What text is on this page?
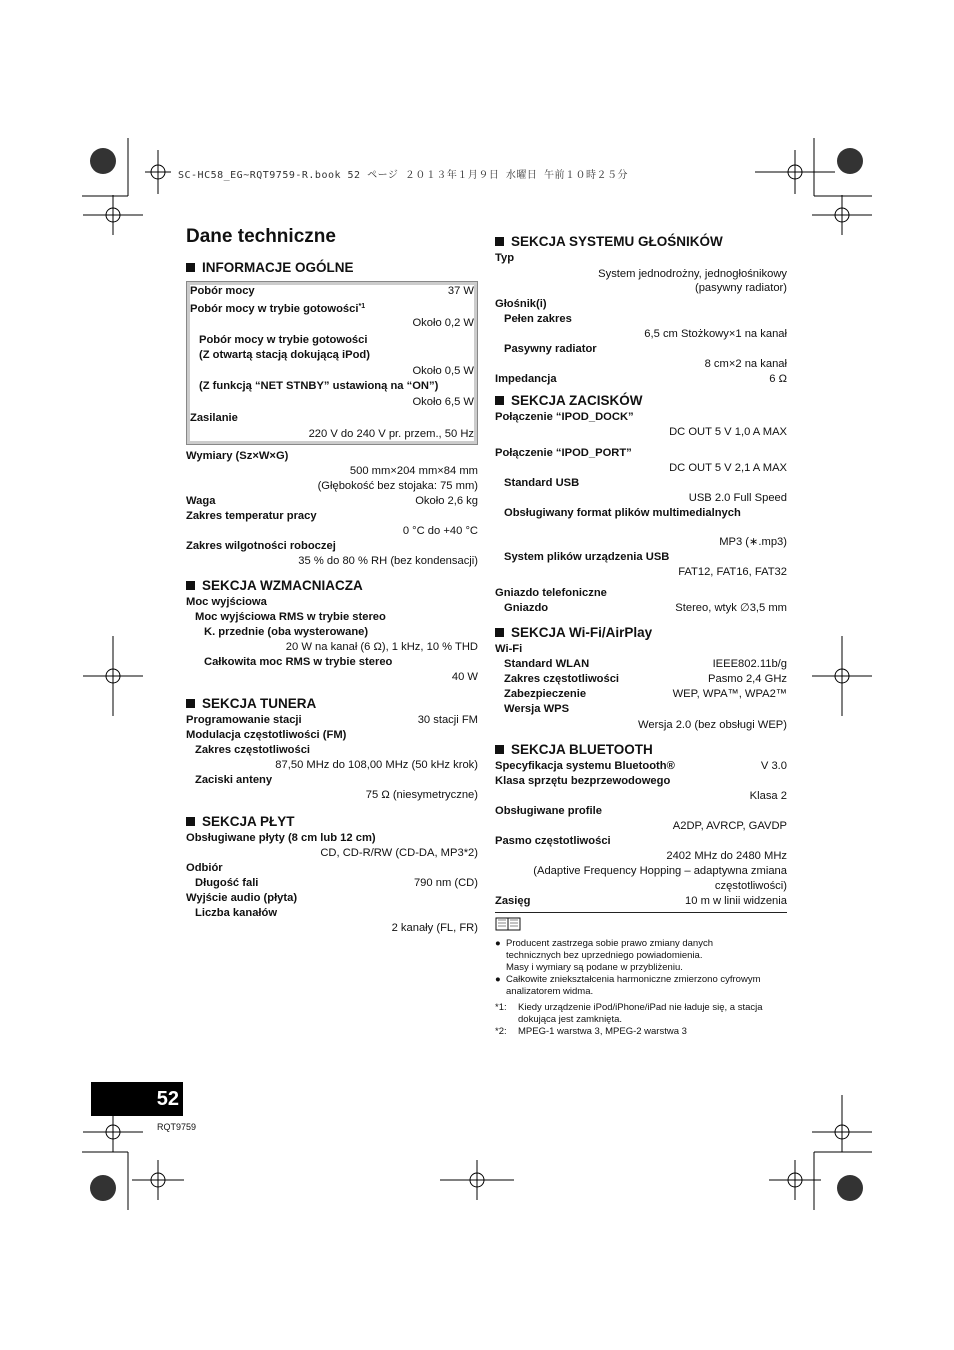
SC-HC58_EG~RQT9759-R.book 52 ページ ２０１３年１月９日 水曜日 午前１０時２５分
Dane techniczne
INFORMACJE OGÓLNE
Pobór mocy	37 W
Pobór mocy w trybie gotowości$^{*1}$
Około 0,2 W
Pobór mocy w trybie gotowości
(Z otwartą stacją dokującą iPod)
Około 0,5 W
(Z funkcją “NET STNBY” ustawioną na “ON”)
Około 6,5 W
Zasilanie
220 V do 240 V pr. przem., 50 Hz
Wymiary (Sz×W×G)
500 mm×204 mm×84 mm
(Głębokość bez stojaka: 75 mm)
Waga	Około 2,6 kg
Zakres temperatur pracy
0 °C do +40 °C
Zakres wilgotności roboczej
35 % do 80 % RH (bez kondensacji)
SEKCJA WZMACNIACZA
Moc wyjściowa
Moc wyjściowa RMS w trybie stereo
K. przednie (oba wysterowane)
20 W na kanał (6 Ω), 1 kHz, 10 % THD
Całkowita moc RMS w trybie stereo
40 W
SEKCJA TUNERA
Programowanie stacji	30 stacji FM
Modulacja częstotliwości (FM)
Zakres częstotliwości
87,50 MHz do 108,00 MHz (50 kHz krok)
Zaciski anteny
75 Ω (niesymetryczne)
SEKCJA PŁYT
Obsługiwane płyty (8 cm lub 12 cm)
CD, CD-R/RW (CD-DA, MP3*2)
Odbiór
Długość fali	790 nm (CD)
Wyjście audio (płyta)
Liczba kanałów
2 kanały (FL, FR)
SEKCJA SYSTEMU GŁOŚNIKÓW
Typ
System jednodrożny, jednogłośnikowy
(pasywny radiator)
Głośnik(i)
Pełen zakres
6,5 cm Stożkowy×1 na kanał
Pasywny radiator
8 cm×2 na kanał
Impedancja	6 Ω
SEKCJA ZACISKÓW
Połączenie “IPOD_DOCK”
DC OUT 5 V 1,0 A MAX
Połączenie “IPOD_PORT”
DC OUT 5 V 2,1 A MAX
Standard USB
USB 2.0 Full Speed
Obsługiwany format plików multimedialnych
MP3 (∗.mp3)
System plików urządzenia USB
FAT12, FAT16, FAT32
Gniazdo telefoniczne
Gniazdo	Stereo, wtyk ∅3,5 mm
SEKCJA Wi-Fi/AirPlay
Wi-Fi
Standard WLAN	IEEE802.11b/g
Zakres częstotliwości	Pasmo 2,4 GHz
Zabezpieczenie	WEP, WPA™, WPA2™
Wersja WPS
Wersja 2.0 (bez obsługi WEP)
SEKCJA BLUETOOTH
Specyfikacja systemu Bluetooth®	V 3.0
Klasa sprzętu bezprzewodowego
Klasa 2
Obsługiwane profile
A2DP, AVRCP, GAVDP
Pasmo częstotliwości
2402 MHz do 2480 MHz
(Adaptive Frequency Hopping – adaptywna zmiana
częstotliwości)
Zasięg	10 m w linii widzenia
● Producent zastrzega sobie prawo zmiany danych
technicznych bez uprzedniego powiadomienia.
Masy i wymiary są podane w przybliżeniu.
● Całkowite zniekształcenia harmoniczne zmierzono cyfrowym
analizatorem widma.
*1: Kiedy urządzenie iPod/iPhone/iPad nie ładuje się, a stacja
dokująca jest zamknięta.
*2: MPEG-1 warstwa 3, MPEG-2 warstwa 3
52
RQT9759
